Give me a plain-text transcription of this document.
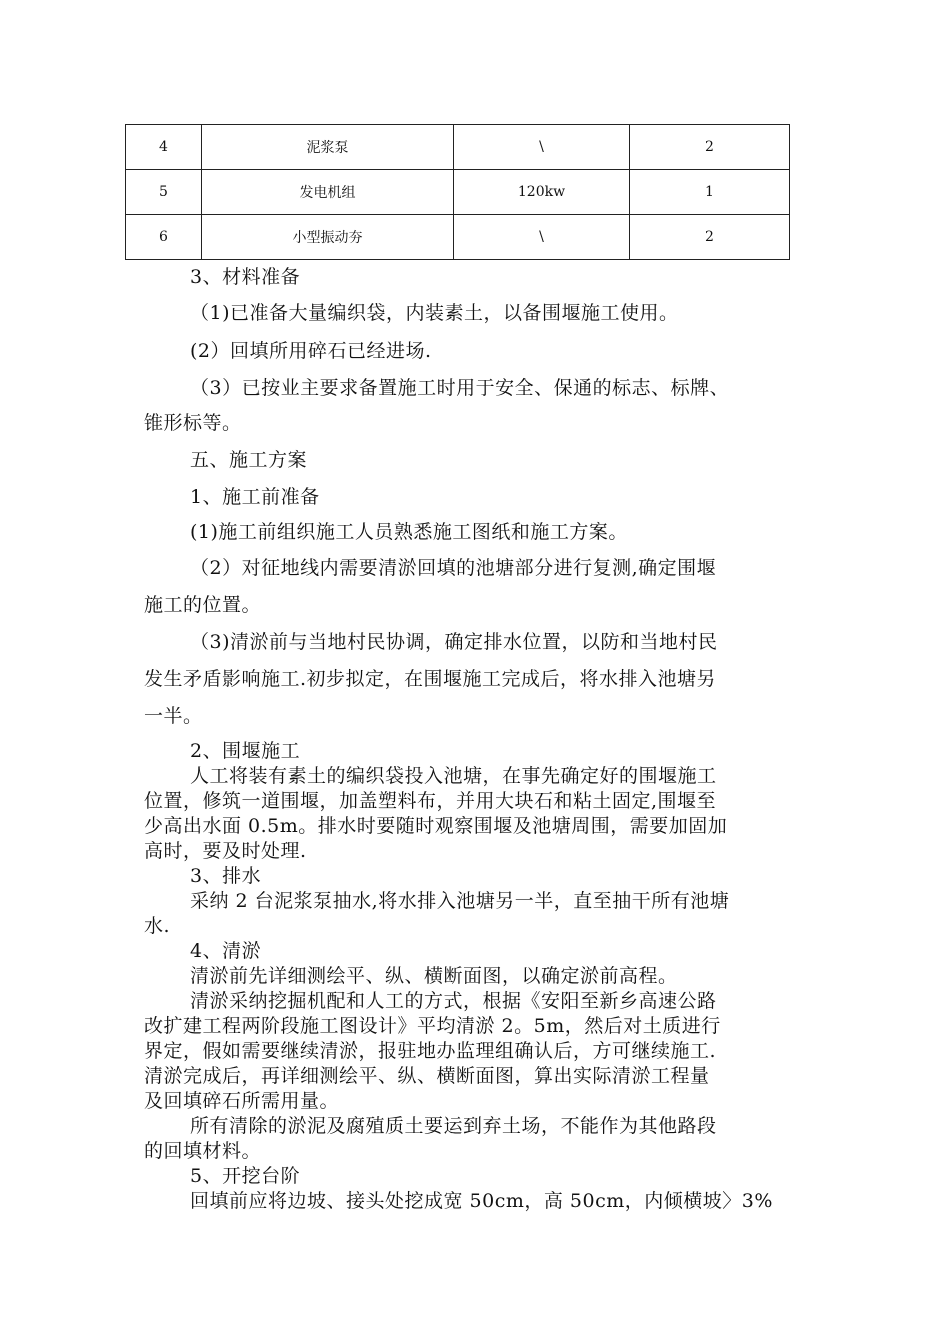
4	泥浆泵	\	2
5	发电机组	120kw	1
6	小型振动夯	\	2
3、材料准备
（1)已准备大量编织袋，内装素土，以备围堰施工使用。
(2）回填所用碎石已经进场.
（3）已按业主要求备置施工时用于安全、保通的标志、标牌、
锥形标等。
五、施工方案
1、施工前准备
(1)施工前组织施工人员熟悉施工图纸和施工方案。
（2）对征地线内需要清淤回填的池塘部分进行复测,确定围堰
施工的位置。
（3)清淤前与当地村民协调，确定排水位置，以防和当地村民
发生矛盾影响施工.初步拟定，在围堰施工完成后，将水排入池塘另
一半。
2、围堰施工
人工将装有素土的编织袋投入池塘，在事先确定好的围堰施工
位置，修筑一道围堰，加盖塑料布，并用大块石和粘土固定,围堰至
少高出水面 0.5m。排水时要随时观察围堰及池塘周围，需要加固加
高时，要及时处理.
3、排水
采纳 2 台泥浆泵抽水,将水排入池塘另一半，直至抽干所有池塘
水.
4、清淤
清淤前先详细测绘平、纵、横断面图，以确定淤前高程。
清淤采纳挖掘机配和人工的方式，根据《安阳至新乡高速公路
改扩建工程两阶段施工图设计》平均清淤 2。5m，然后对土质进行
界定，假如需要继续清淤，报驻地办监理组确认后，方可继续施工.
清淤完成后，再详细测绘平、纵、横断面图，算出实际清淤工程量
及回填碎石所需用量。
所有清除的淤泥及腐殖质土要运到弃土场，不能作为其他路段
的回填材料。
5、开挖台阶
回填前应将边坡、接头处挖成宽 50cm，高 50cm，内倾横坡〉3%
